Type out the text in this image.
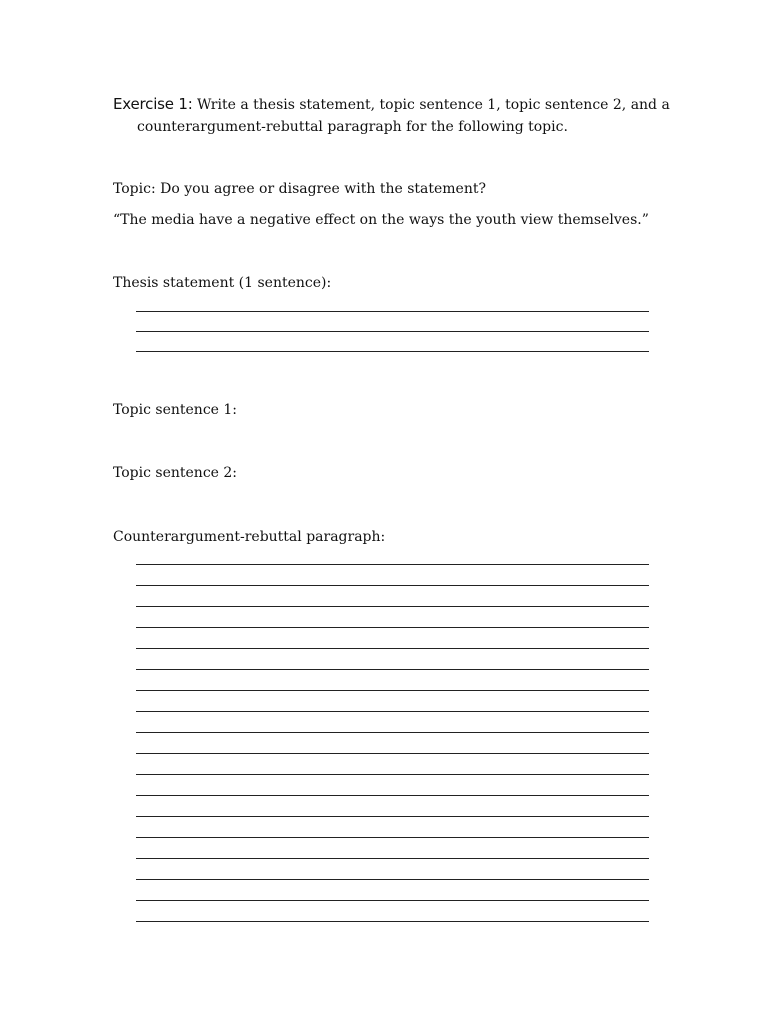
Exercise 1: Write a thesis statement, topic sentence 1, topic sentence 2, and a
counterargument-rebuttal paragraph for the following topic.
Topic: Do you agree or disagree with the statement?
“The media have a negative effect on the ways the youth view themselves.”
Thesis statement (1 sentence):
Topic sentence 1:
Topic sentence 2:
Counterargument-rebuttal paragraph:
